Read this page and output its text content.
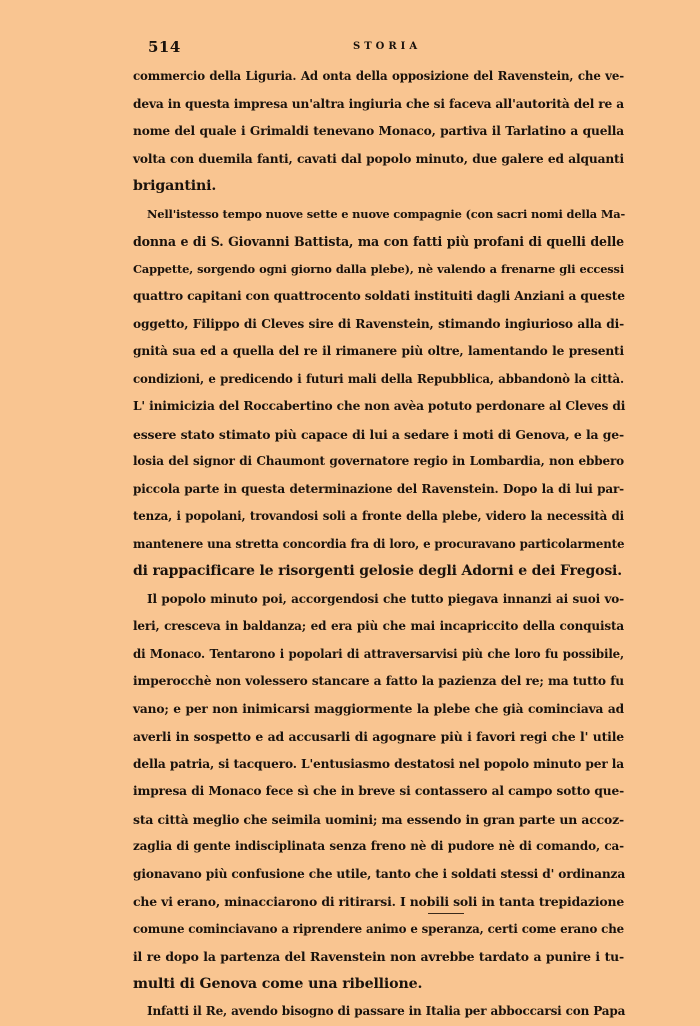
514	STORIA
commercio della Liguria. Ad onta della opposizione del Ravenstein, che ve-
deva in questa impresa un'altra ingiuria che si faceva all'autorità del re a
nome del quale i Grimaldi tenevano Monaco, partiva il Tarlatino a quella
volta con duemila fanti, cavati dal popolo minuto, due galere ed alquanti
brigantini.
Nell'istesso tempo nuove sette e nuove compagnie (con sacri nomi della Ma-
donna e di S. Giovanni Battista, ma con fatti più profani di quelli delle
Cappette, sorgendo ogni giorno dalla plebe), nè valendo a frenarne gli eccessi
quattro capitani con quattrocento soldati instituiti dagli Anziani a queste
oggetto, Filippo di Cleves sire di Ravenstein, stimando ingiurioso alla di-
gnità sua ed a quella del re il rimanere più oltre, lamentando le presenti
condizioni, e predicendo i futuri mali della Repubblica, abbandonò la città.
L' inimicizia del Roccabertino che non avèa potuto perdonare al Cleves di
essere stato stimato più capace di lui a sedare i moti di Genova, e la ge-
losia del signor di Chaumont governatore regio in Lombardia, non ebbero
piccola parte in questa determinazione del Ravenstein. Dopo la di lui par-
tenza, i popolani, trovandosi soli a fronte della plebe, videro la necessità di
mantenere una stretta concordia fra di loro, e procuravano particolarmente
di rappacificare le risorgenti gelosie degli Adorni e dei Fregosi.
Il popolo minuto poi, accorgendosi che tutto piegava innanzi ai suoi vo-
leri, cresceva in baldanza; ed era più che mai incapriccito della conquista
di Monaco. Tentarono i popolari di attraversarvisi più che loro fu possibile,
imperocchè non volessero stancare a fatto la pazienza del re; ma tutto fu
vano; e per non inimicarsi maggiormente la plebe che già cominciava ad
averli in sospetto e ad accusarli di agognare più i favori regi che l' utile
della patria, si tacquero. L'entusiasmo destatosi nel popolo minuto per la
impresa di Monaco fece sì che in breve si contassero al campo sotto que-
sta città meglio che seimila uomini; ma essendo in gran parte un accoz-
zaglia di gente indisciplinata senza freno nè di pudore nè di comando, ca-
gionavano più confusione che utile, tanto che i soldati stessi d' ordinanza
che vi erano, minacciarono di ritirarsi. I nobili soli in tanta trepidazione
comune cominciavano a riprendere animo e speranza, certi come erano che
il re dopo la partenza del Ravenstein non avrebbe tardato a punire i tu-
multi di Genova come una ribellione.
Infatti il Re, avendo bisogno di passare in Italia per abboccarsi con Papa
